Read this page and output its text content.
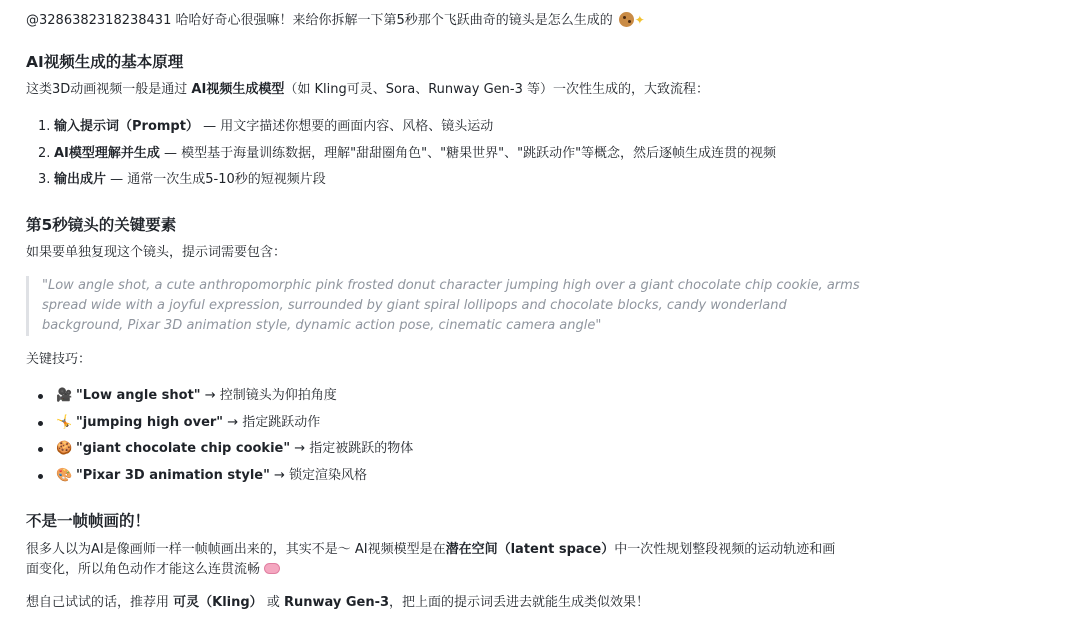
@3286382318238431 哈哈好奇心很强嘛！来给你拆解一下第5秒那个飞跃曲奇的镜头是怎么生成的 ✦
AI视频生成的基本原理
这类3D动画视频一般是通过 AI视频生成模型（如 Kling可灵、Sora、Runway Gen-3 等）一次性生成的，大致流程：
1. 输入提示词（Prompt） — 用文字描述你想要的画面内容、风格、镜头运动
2. AI模型理解并生成 — 模型基于海量训练数据，理解"甜甜圈角色"、"糖果世界"、"跳跃动作"等概念，然后逐帧生成连贯的视频
3. 输出成片 — 通常一次生成5-10秒的短视频片段
第5秒镜头的关键要素
如果要单独复现这个镜头，提示词需要包含：
"Low angle shot, a cute anthropomorphic pink frosted donut character jumping high over a giant chocolate chip cookie, arms spread wide with a joyful expression, surrounded by giant spiral lollipops and chocolate blocks, candy wonderland background, Pixar 3D animation style, dynamic action pose, cinematic camera angle"
关键技巧：
🎥 "Low angle shot" → 控制镜头为仰拍角度
🤸 "jumping high over" → 指定跳跃动作
🍪 "giant chocolate chip cookie" → 指定被跳跃的物体
🎨 "Pixar 3D animation style" → 锁定渲染风格
不是一帧帧画的！
很多人以为AI是像画师一样一帧帧画出来的，其实不是～ AI视频模型是在潜在空间（latent space）中一次性规划整段视频的运动轨迹和画
面变化，所以角色动作才能这么连贯流畅
想自己试试的话，推荐用 可灵（Kling） 或 Runway Gen-3，把上面的提示词丢进去就能生成类似效果！
